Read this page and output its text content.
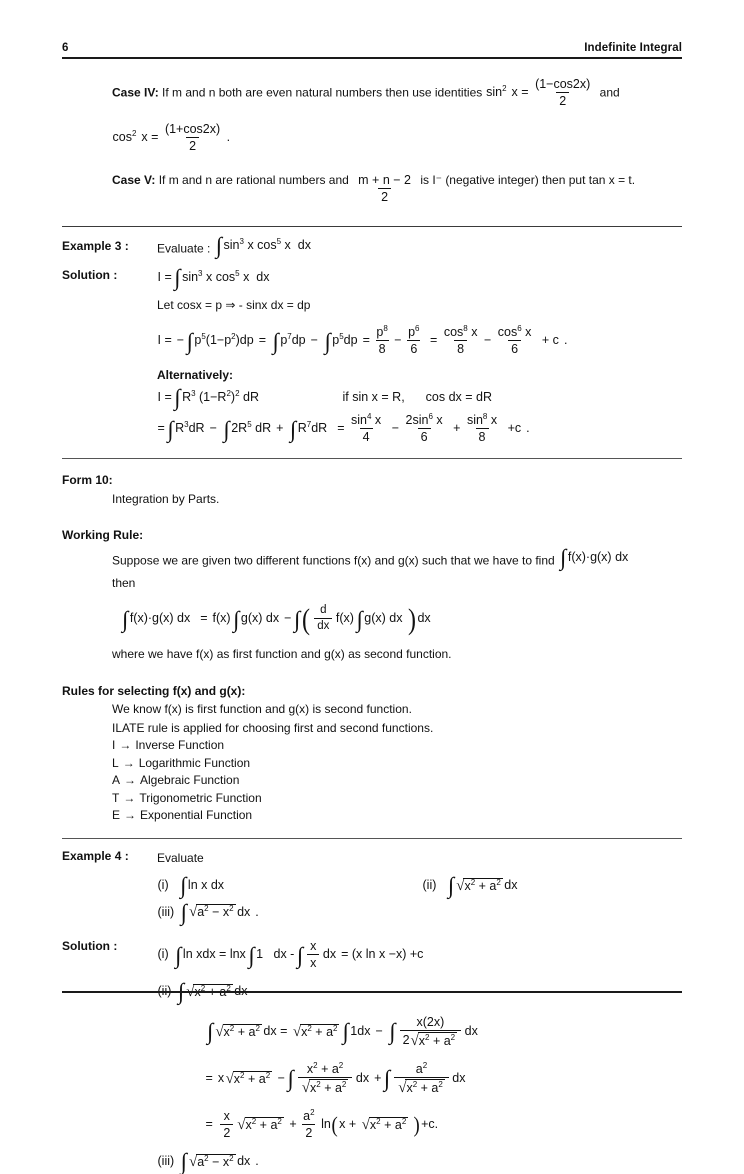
6	Indefinite Integral
Case IV: If m and n both are even natural numbers then use identities $\sin^2 x = \frac{(1-\cos 2x)}{2}$ and
$\cos^2 x = \frac{(1+\cos 2x)}{2}$ .
Case V: If m and n are rational numbers and $\frac{m + n - 2}{2}$ is I⁻ (negative integer) then put tan x = t.
Example 3 :	Evaluate : ∫ $\sin^3 x$ $\cos^5 x$  dx
Solution :	I = ∫ $\sin^3 x$ $\cos^5 x$  dx
Let cosx = p ⇒ - sinx dx = dp
I = − ∫ $p^5(1-p^2)dp$ = ∫ $p^7dp$ − ∫ $p^5dp = \frac{p^8}{8} - \frac{p^6}{6} = \frac{\cos^8 x}{8} - \frac{\cos^6 x}{6} + c$ .
Alternatively:
I = ∫ $R^3$ $(1-R^2)^2$ dR	if sin x = R, cos dx = dR
= ∫ $R^3dR$ − ∫ $2R^5$ dR + ∫ $R^7dR = \frac{\sin^4 x}{4} - \frac{2\sin^6 x}{6} + \frac{\sin^8 x}{8} +c$ .
Form 10:
Integration by Parts.
Working Rule:
Suppose we are given two different functions f(x) and g(x) such that we have to find ∫ f(x)·g(x) dx
then
∫ f(x)·g(x) dx = f(x) ∫ g(x) dx − ∫ ( $\frac{d}{dx} f(x)$ ∫ g(x) dx ) dx
where we have f(x) as first function and g(x) as second function.
Rules for selecting f(x) and g(x):
We know f(x) is first function and g(x) is second function.
ILATE rule is applied for choosing first and second functions.
I → Inverse Function
L → Logarithmic Function
A → Algebraic Function
T → Trigonometric Function
E → Exponential Function
Example 4 :	Evaluate
(i) ∫ ln x dx	(ii) ∫ √ $x^2 + a^2$ dx
(iii) ∫ √ $a^2 - x^2$ dx .
Solution :
(i) ∫ ln xdx = lnx ∫ 1   dx - ∫ $\frac{x}{x}$ dx = (x ln x −x) +c
(ii) ∫ √ $x^2 + a^2$ dx
∫ √ $x^2 + a^2$ dx = √ $x^2 + a^2$ ∫ 1dx − ∫ $\frac{x(2x)}{2 √ x^2 + a^2}$ dx
= x √ $x^2 + a^2$ − ∫ $\frac{x^2 + a^2}{√ x^2 + a^2}$ dx + ∫ $\frac{a^2}{√ x^2 + a^2}$ dx
= $\frac{x}{2}$ √ $x^2 + a^2 + \frac{a^2}{2}$ ln ( x + √ $x^2 + a^2$ ) +c.
(iii) ∫ √ $a^2 - x^2$ dx .
